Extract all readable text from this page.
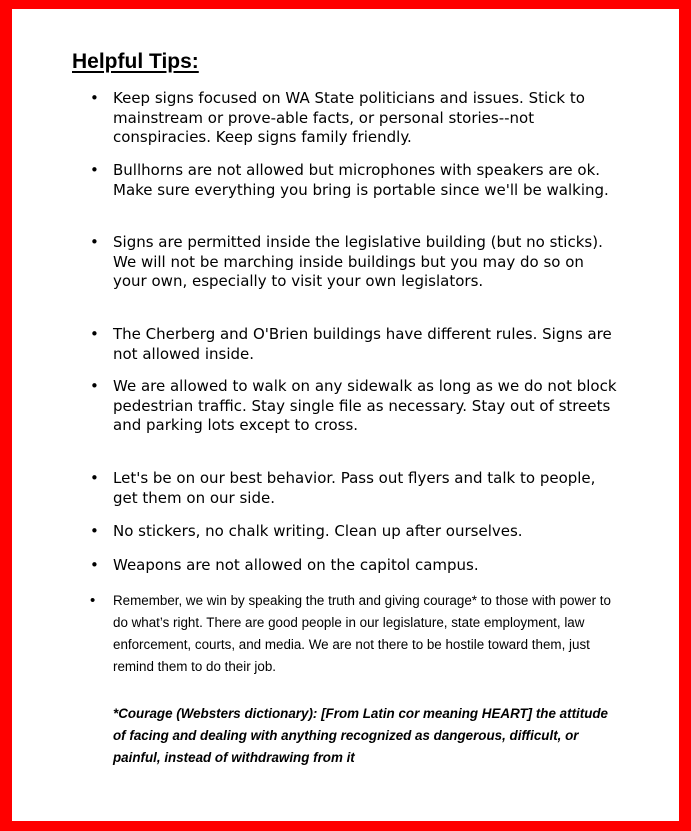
Helpful Tips:
• Keep signs focused on WA State politicians and issues. Stick to mainstream or prove-able facts, or personal stories--not conspiracies. Keep signs family friendly.
• Bullhorns are not allowed but microphones with speakers are ok. Make sure everything you bring is portable since we'll be walking.
• Signs are permitted inside the legislative building (but no sticks). We will not be marching inside buildings but you may do so on your own, especially to visit your own legislators.
• The Cherberg and O'Brien buildings have different rules. Signs are not allowed inside.
• We are allowed to walk on any sidewalk as long as we do not block pedestrian traffic. Stay single file as necessary. Stay out of streets and parking lots except to cross.
• Let's be on our best behavior. Pass out flyers and talk to people, get them on our side.
• No stickers, no chalk writing. Clean up after ourselves.
• Weapons are not allowed on the capitol campus.
• Remember, we win by speaking the truth and giving courage* to those with power to do what’s right. There are good people in our legislature, state employment, law enforcement, courts, and media. We are not there to be hostile toward them, just remind them to do their job.

*Courage (Websters dictionary): [From Latin cor meaning HEART] the attitude of facing and dealing with anything recognized as dangerous, difficult, or painful, instead of withdrawing from it
